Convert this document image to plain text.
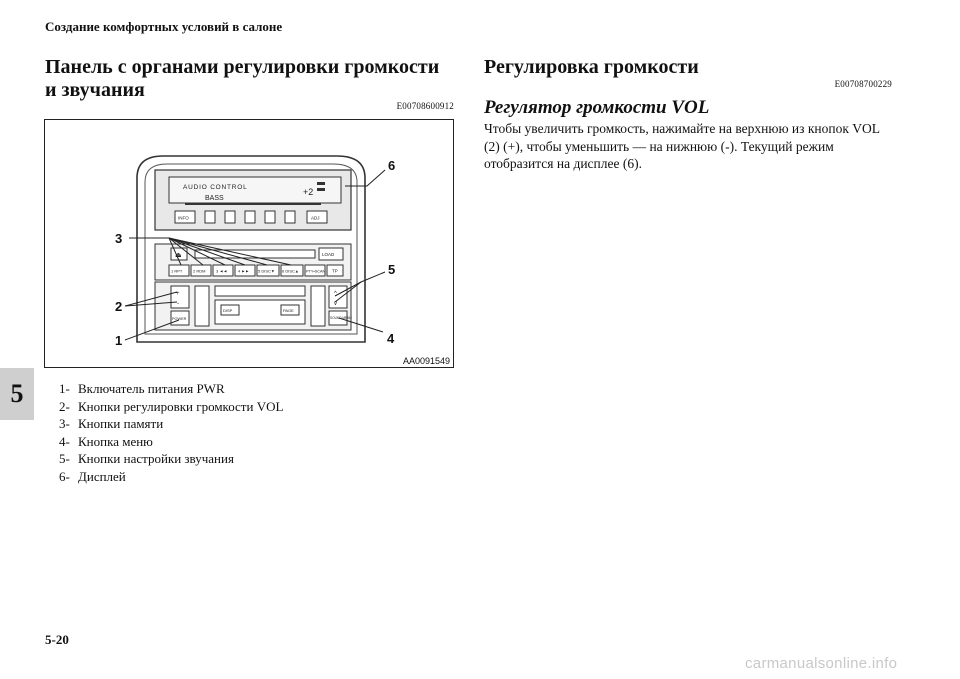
Создание комфортных условий в салоне
Панель с органами регулировки громкости
и звучания
E00708600912
AUDIO CONTROL
BASS
+2
INFO	ADJ
⏏	LOAD
1 RPT	2 RDM	3 ◄◄	4 ►► 5 DISC▼ 6 DISC▲ PTY•SCAN TP
+
-
POWER
DISP	PAGE
^
v
SOUND MENU
1
2
3
4
5
6
AA0091549
1- Включатель питания PWR
2- Кнопки регулировки громкости VOL
3- Кнопки памяти
4- Кнопка меню
5- Кнопки настройки звучания
6- Дисплей
Регулировка громкости
E00708700229
Регулятор громкости VOL
Чтобы увеличить громкость, нажимайте на верхнюю из кнопок VOL
(2) (+), чтобы уменьшить — на нижнюю (-). Текущий режим
отобразится на дисплее (6).
5
5-20
carmanualsonline.info
